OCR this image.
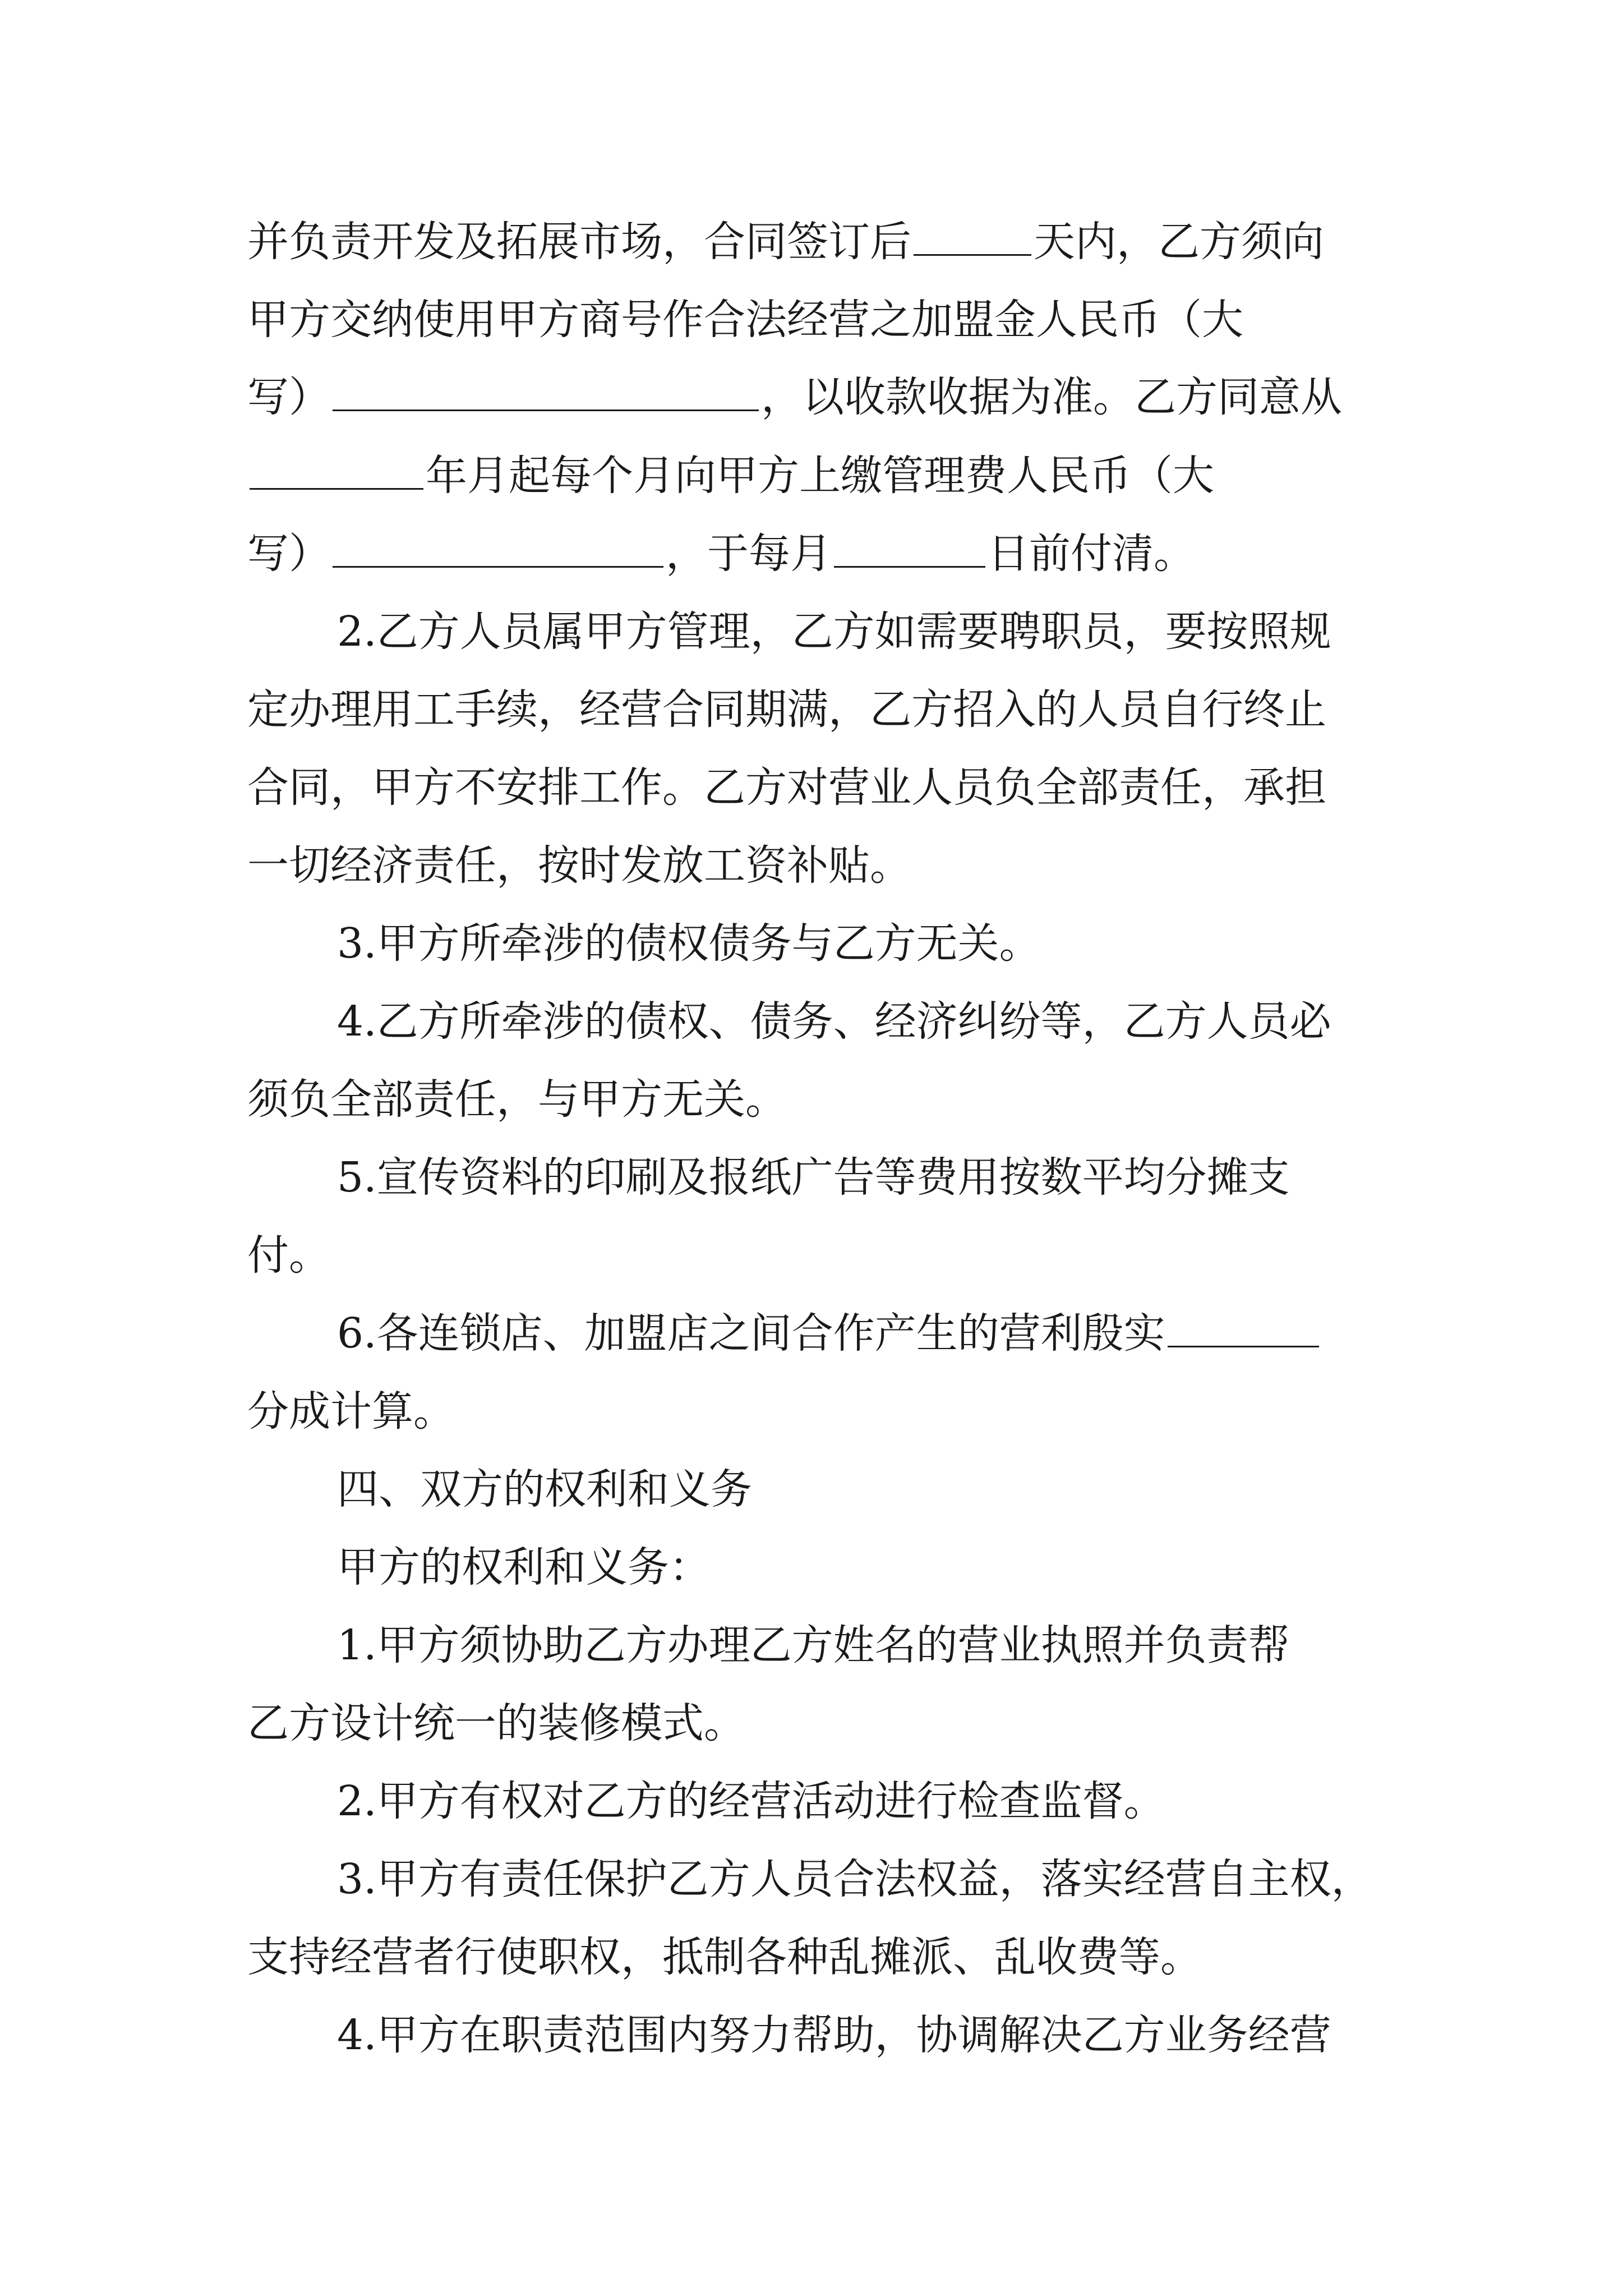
并负责开发及拓展市场，合同签订后	天内，乙方须向
甲方交纳使用甲方商号作合法经营之加盟金人民币（大
写）	，以收款收据为准。乙方同意从
年月起每个月向甲方上缴管理费人民币（大
写）	，于每月	日前付清。
2.乙方人员属甲方管理，乙方如需要聘职员，要按照规
定办理用工手续，经营合同期满，乙方招入的人员自行终止
合同，甲方不安排工作。乙方对营业人员负全部责任，承担
一切经济责任，按时发放工资补贴。
3.甲方所牵涉的债权债务与乙方无关。
4.乙方所牵涉的债权、债务、经济纠纷等，乙方人员必
须负全部责任，与甲方无关。
5.宣传资料的印刷及报纸广告等费用按数平均分摊支
付。
6.各连锁店、加盟店之间合作产生的营利殷实
分成计算。
四、双方的权利和义务
甲方的权利和义务：
1.甲方须协助乙方办理乙方姓名的营业执照并负责帮
乙方设计统一的装修模式。
2.甲方有权对乙方的经营活动进行检查监督。
3.甲方有责任保护乙方人员合法权益，落实经营自主权，
支持经营者行使职权，抵制各种乱摊派、乱收费等。
4.甲方在职责范围内努力帮助，协调解决乙方业务经营
